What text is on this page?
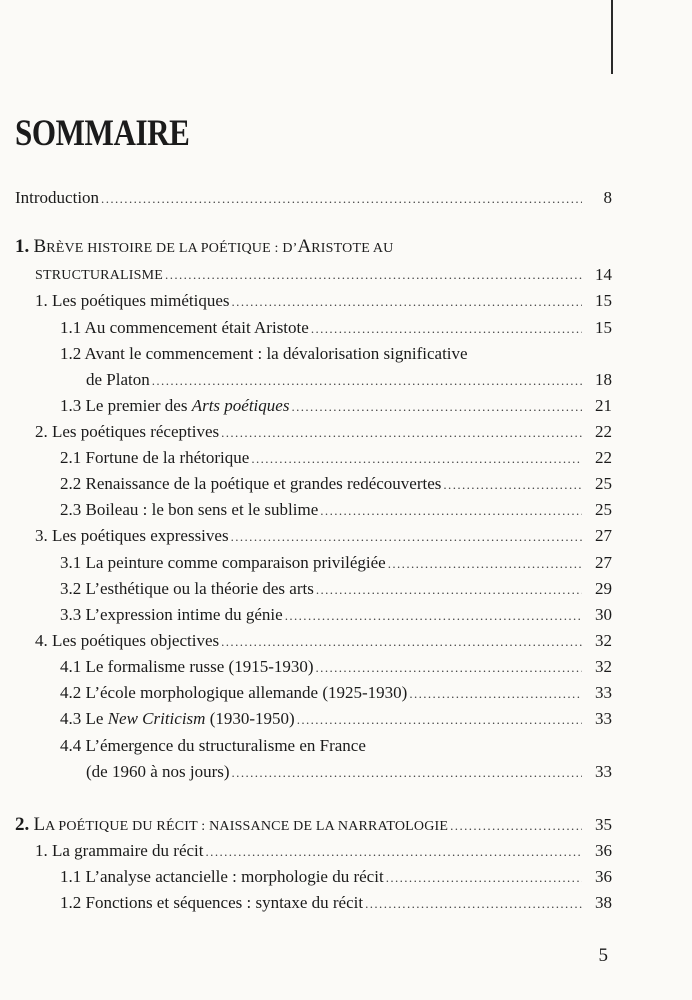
SOMMAIRE
Introduction .....	8
1. BRÈVE HISTOIRE DE LA POÉTIQUE : D’ARISTOTE AU
STRUCTURALISME .....	14
1. Les poétiques mimétiques .....	15
1.1 Au commencement était Aristote .....	15
1.2 Avant le commencement : la dévalorisation significative
de Platon .....	18
1.3 Le premier des Arts poétiques .....	21
2. Les poétiques réceptives .....	22
2.1 Fortune de la rhétorique .....	22
2.2 Renaissance de la poétique et grandes redécouvertes .....	25
2.3 Boileau : le bon sens et le sublime .....	25
3. Les poétiques expressives .....	27
3.1 La peinture comme comparaison privilégiée .....	27
3.2 L’esthétique ou la théorie des arts .....	29
3.3 L’expression intime du génie .....	30
4. Les poétiques objectives .....	32
4.1 Le formalisme russe (1915-1930) .....	32
4.2 L’école morphologique allemande (1925-1930) .....	33
4.3 Le New Criticism (1930-1950) .....	33
4.4 L’émergence du structuralisme en France
(de 1960 à nos jours) .....	33
2. LA POÉTIQUE DU RÉCIT : NAISSANCE DE LA NARRATOLOGIE .....	35
1. La grammaire du récit .....	36
1.1 L’analyse actancielle : morphologie du récit .....	36
1.2 Fonctions et séquences : syntaxe du récit .....	38
5
